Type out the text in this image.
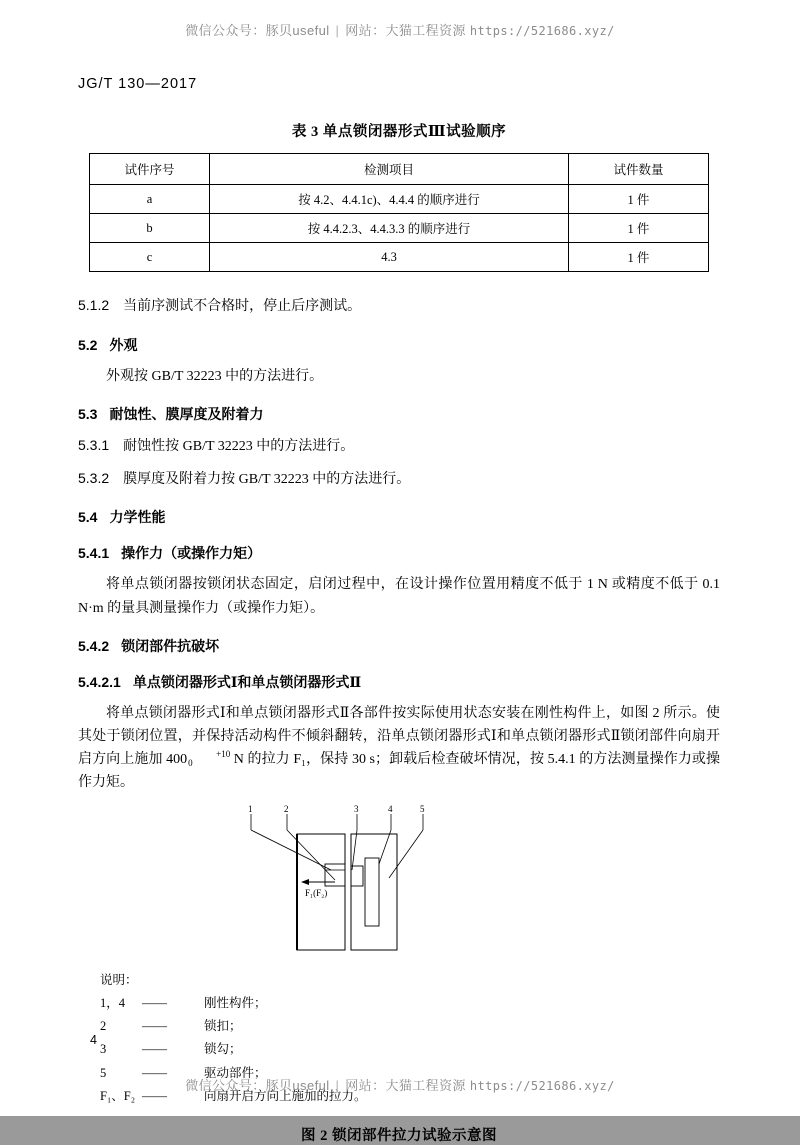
微信公众号：豚贝useful | 网站：大猫工程资源 https://521686.xyz/
JG/T 130—2017
表 3 单点锁闭器形式Ⅲ试验顺序
试件序号	检测项目	试件数量
a	按 4.2、4.4.1c)、4.4.4 的顺序进行	1 件
b	按 4.4.2.3、4.4.3.3 的顺序进行	1 件
c	4.3	1 件
5.1.2 当前序测试不合格时，停止后序测试。
5.2 外观

外观按 GB/T 32223 中的方法进行。

5.3 耐蚀性、膜厚度及附着力
5.3.1 耐蚀性按 GB/T 32223 中的方法进行。
5.3.2 膜厚度及附着力按 GB/T 32223 中的方法进行。
5.4 力学性能
5.4.1 操作力（或操作力矩）

将单点锁闭器按锁闭状态固定，启闭过程中，在设计操作位置用精度不低于 1 N 或精度不低于 0.1 N·m 的量具测量操作力（或操作力矩）。

5.4.2 锁闭部件抗破坏
5.4.2.1 单点锁闭器形式Ⅰ和单点锁闭器形式Ⅱ

将单点锁闭器形式Ⅰ和单点锁闭器形式Ⅱ各部件按实际使用状态安装在刚性构件上，如图 2 所示。使其处于锁闭位置，并保持活动构件不倾斜翻转，沿单点锁闭器形式Ⅰ和单点锁闭器形式Ⅱ锁闭部件向扇开启方向上施加 400	+10
0	N 的拉力 F₁，保持 30 s；卸载后检查破坏情况，按 5.4.1 的方法测量操作力或操作力矩。

1	2	3	4	5
F₁(F₂)
说明：
1，4 ——	刚性构件；
2	——	锁扣；
3	——	锁勾；
5	——	驱动部件；
F₁、F₂ ——	向扇开启方向上施加的拉力。
图 2 锁闭部件拉力试验示意图
4
微信公众号：豚贝useful | 网站：大猫工程资源 https://521686.xyz/
